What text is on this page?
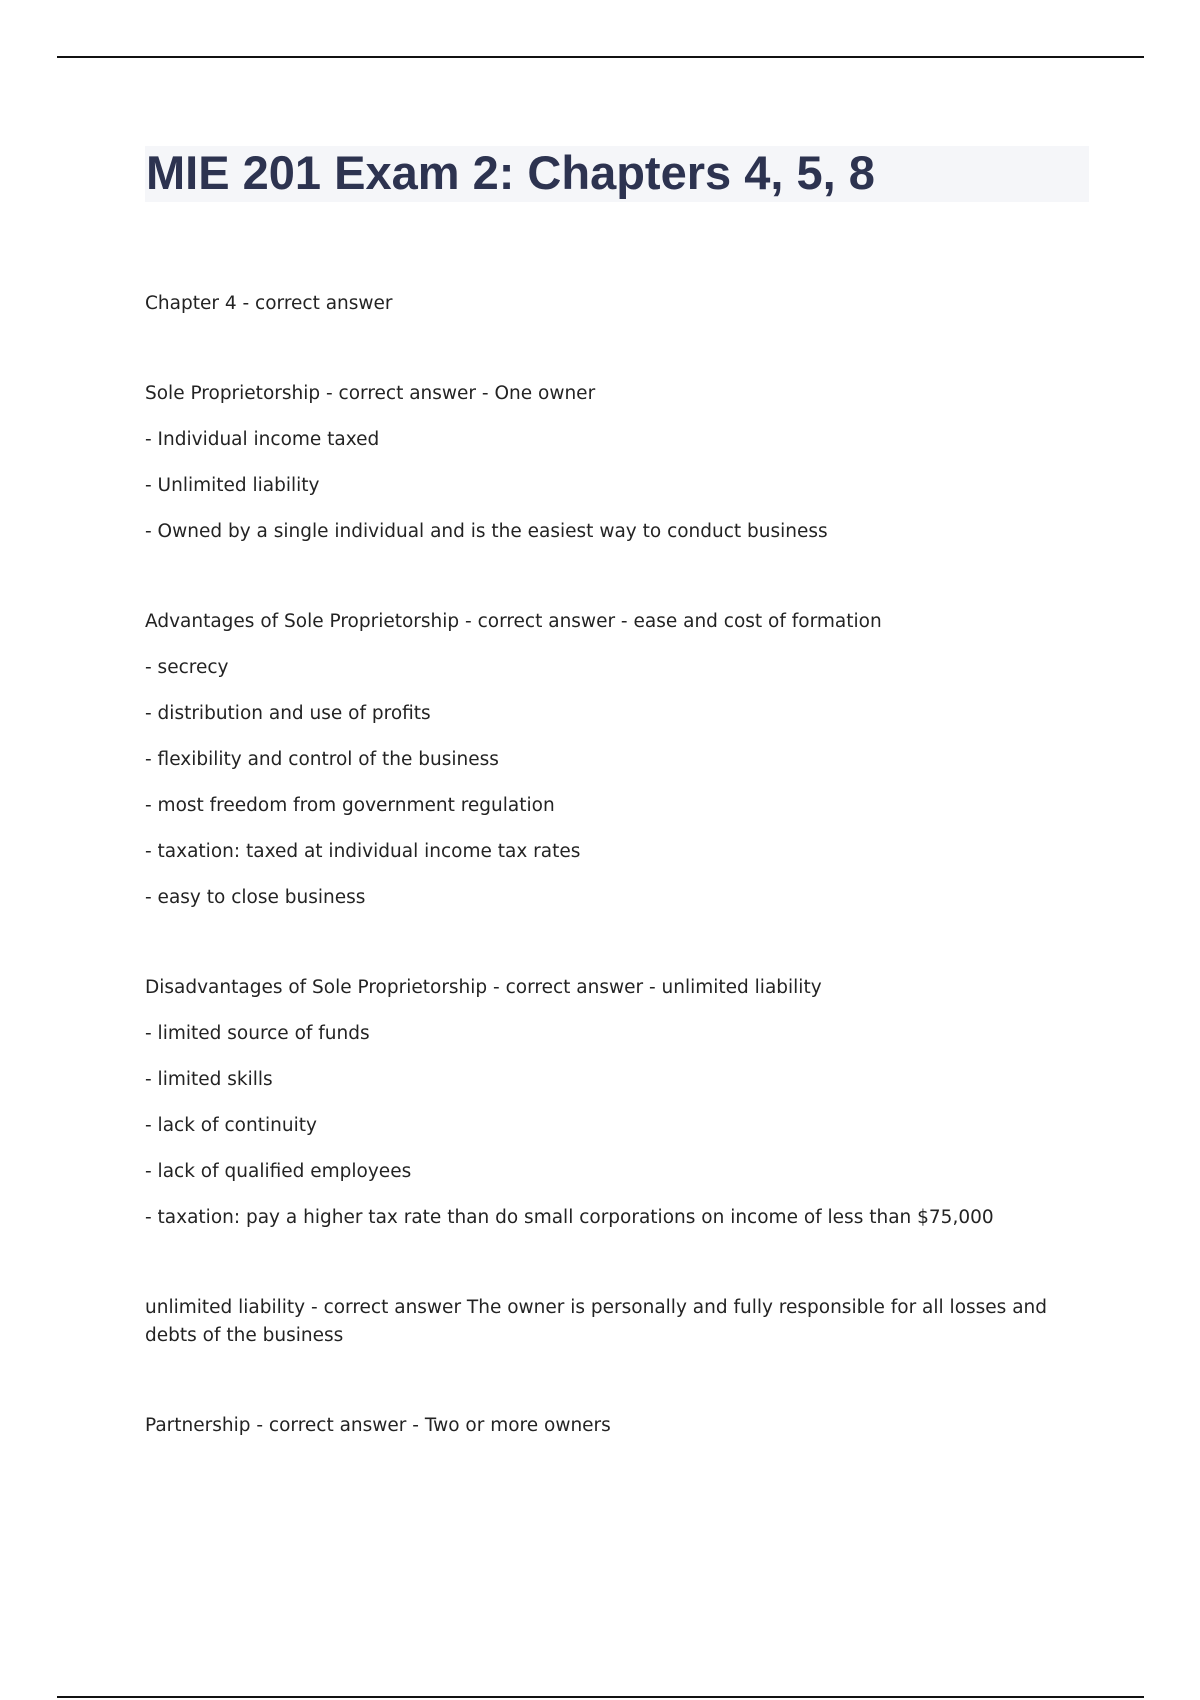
MIE 201 Exam 2: Chapters 4, 5, 8

Chapter 4 - correct answer

Sole Proprietorship - correct answer - One owner

- Individual income taxed

- Unlimited liability

- Owned by a single individual and is the easiest way to conduct business

Advantages of Sole Proprietorship - correct answer - ease and cost of formation

- secrecy

- distribution and use of profits

- flexibility and control of the business

- most freedom from government regulation

- taxation: taxed at individual income tax rates

- easy to close business

Disadvantages of Sole Proprietorship - correct answer - unlimited liability

- limited source of funds

- limited skills

- lack of continuity

- lack of qualified employees

- taxation: pay a higher tax rate than do small corporations on income of less than $75,000

unlimited liability - correct answer The owner is personally and fully responsible for all losses and debts of the business

Partnership - correct answer - Two or more owners
